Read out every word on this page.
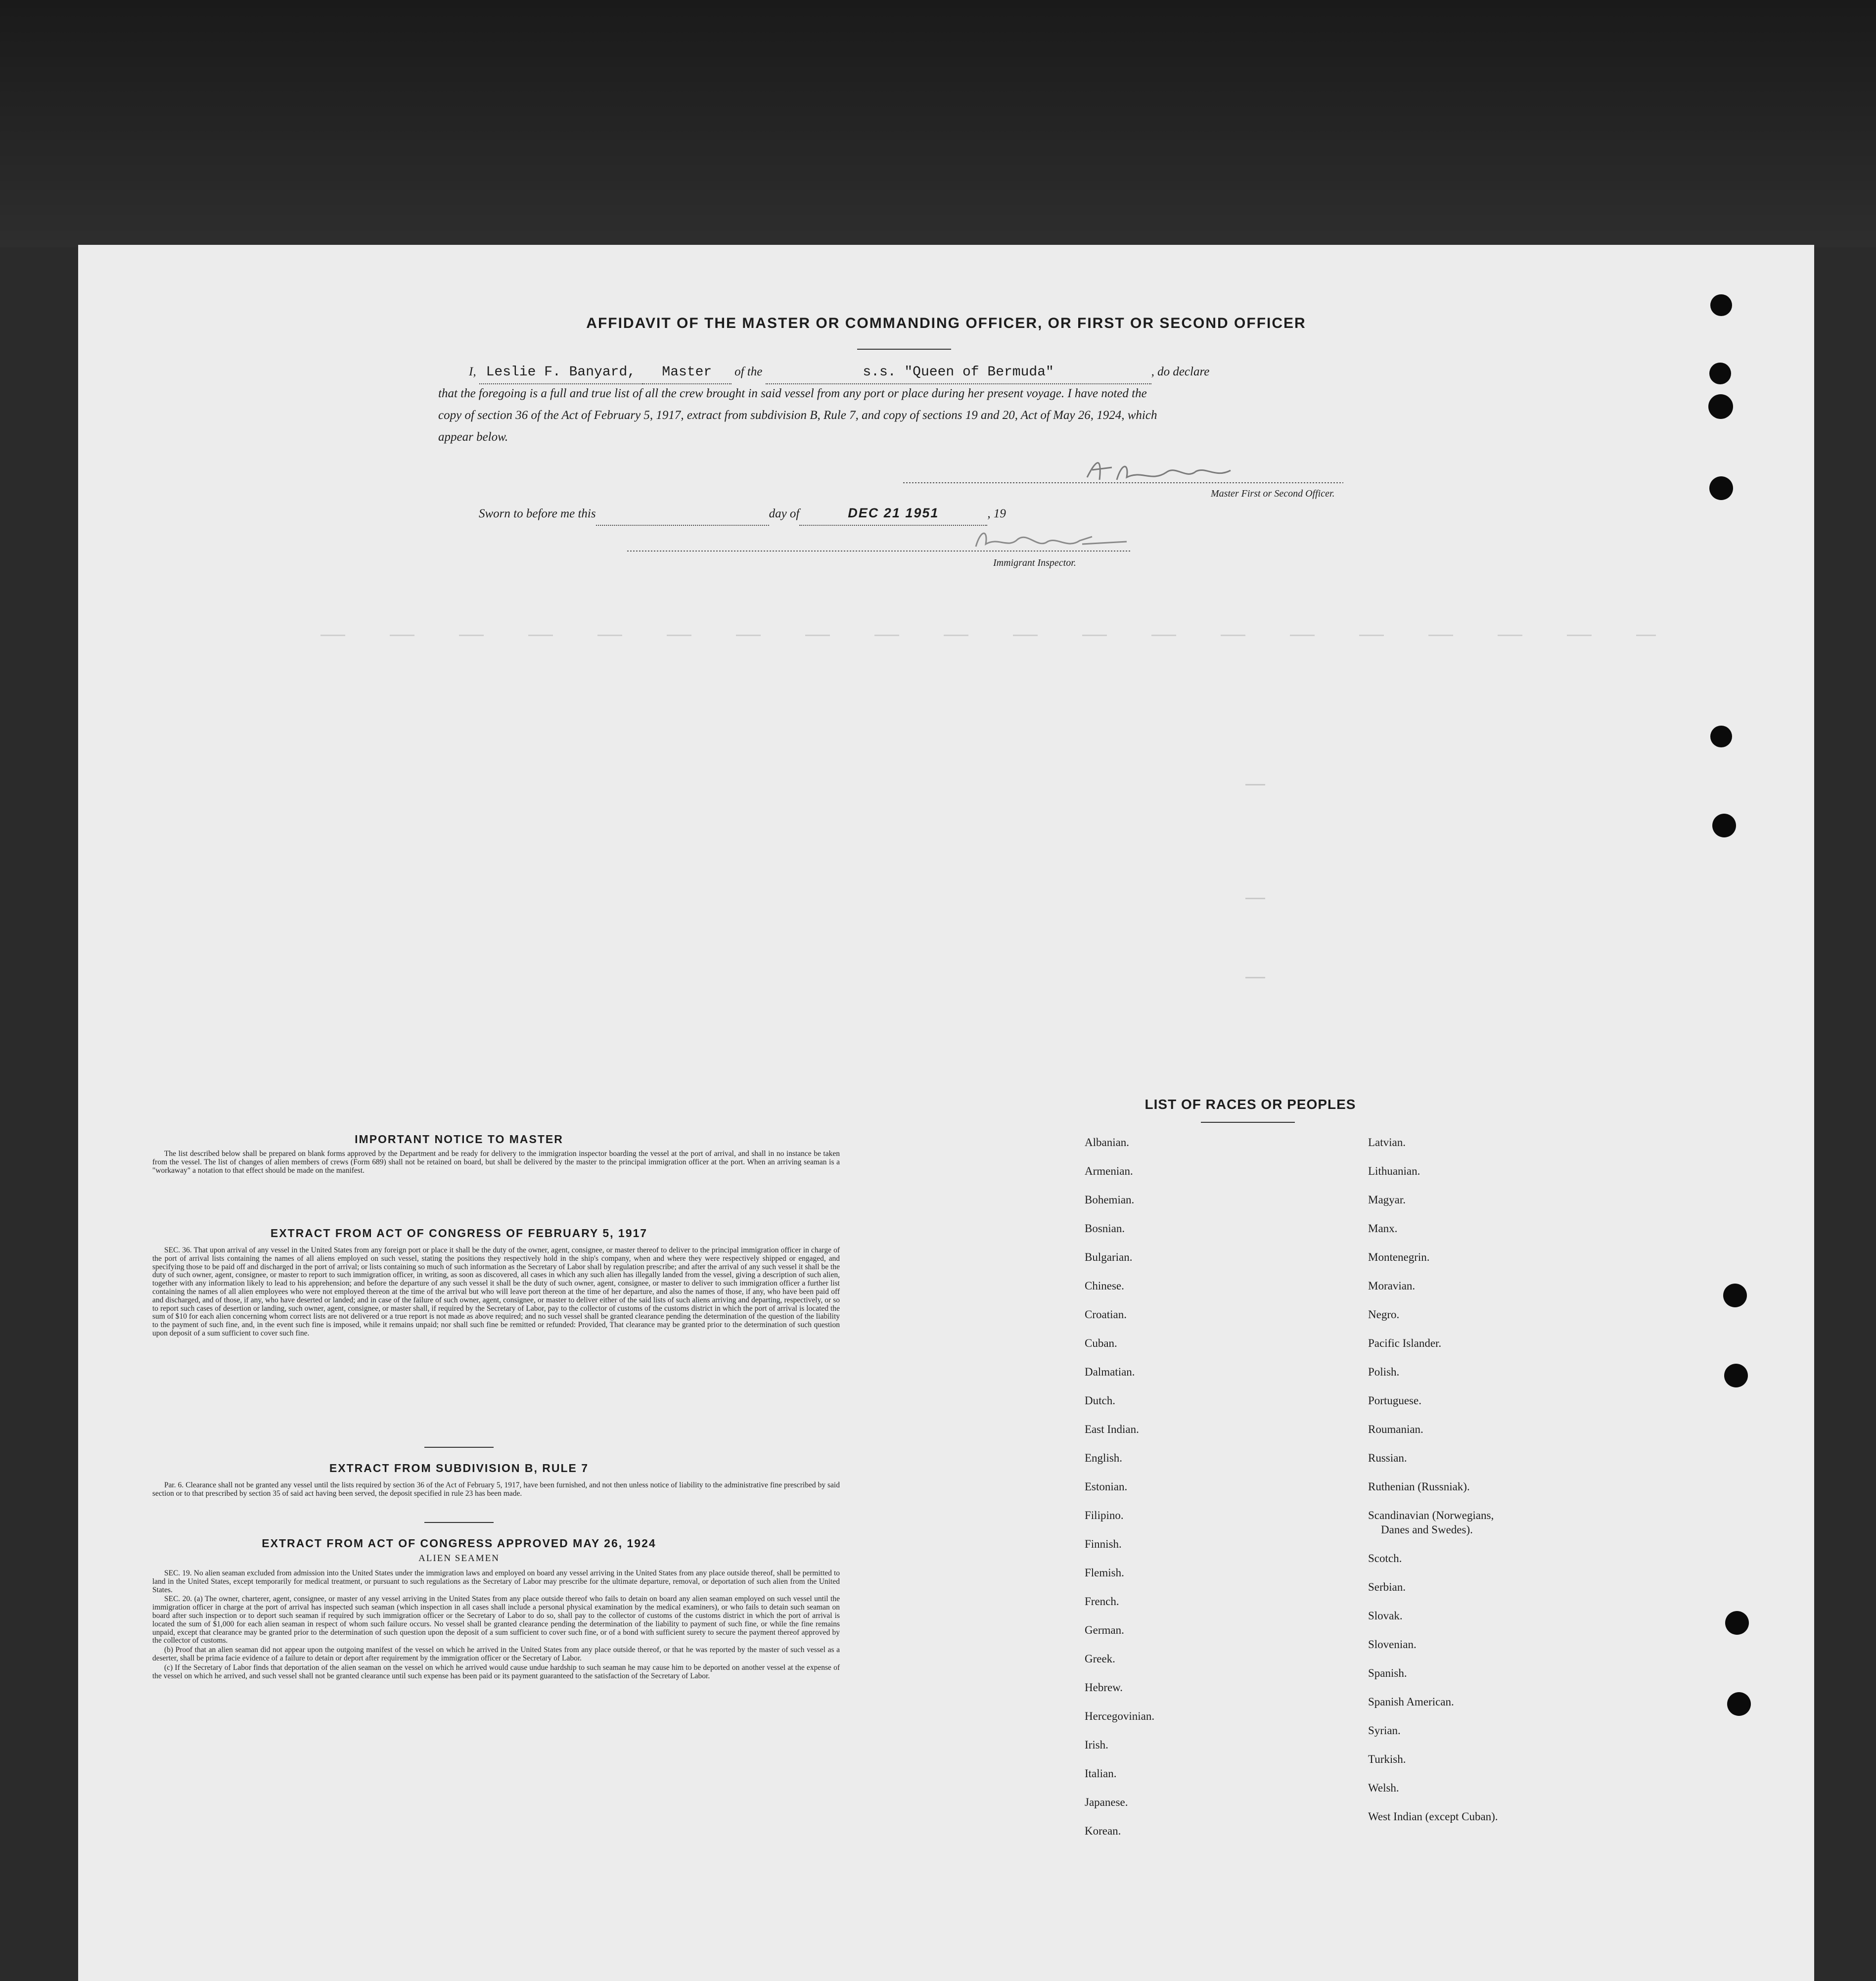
AFFIDAVIT OF THE MASTER OR COMMANDING OFFICER, OR FIRST OR SECOND OFFICER
I, Leslie F. Banyard, Master of the	s.s. "Queen of Bermuda"	, do declare
that the foregoing is a full and true list of all the crew brought in said vessel from any port or place during her present voyage. I have noted the
copy of section 36 of the Act of February 5, 1917, extract from subdivision B, Rule 7, and copy of sections 19 and 20, Act of May 26, 1924, which
appear below.
Master First or Second Officer.
Sworn to before me this	day of	DEC 21 1951	, 19
Immigrant Inspector.
IMPORTANT NOTICE TO MASTER

The list described below shall be prepared on blank forms approved by the Department and be ready for delivery to the immigration inspector boarding the vessel at the port of arrival, and shall in no instance be taken from the vessel. The list of changes of alien members of crews (Form 689) shall not be retained on board, but shall be delivered by the master to the principal immigration officer at the port. When an arriving seaman is a "workaway" a notation to that effect should be made on the manifest.

EXTRACT FROM ACT OF CONGRESS OF FEBRUARY 5, 1917

SEC. 36. That upon arrival of any vessel in the United States from any foreign port or place it shall be the duty of the owner, agent, consignee, or master thereof to deliver to the principal immigration officer in charge of the port of arrival lists containing the names of all aliens employed on such vessel, stating the positions they respectively hold in the ship's company, when and where they were respectively shipped or engaged, and specifying those to be paid off and discharged in the port of arrival; or lists containing so much of such information as the Secretary of Labor shall by regulation prescribe; and after the arrival of any such vessel it shall be the duty of such owner, agent, consignee, or master to report to such immigration officer, in writing, as soon as discovered, all cases in which any such alien has illegally landed from the vessel, giving a description of such alien, together with any information likely to lead to his apprehension; and before the departure of any such vessel it shall be the duty of such owner, agent, consignee, or master to deliver to such immigration officer a further list containing the names of all alien employees who were not employed thereon at the time of the arrival but who will leave port thereon at the time of her departure, and also the names of those, if any, who have been paid off and discharged, and of those, if any, who have deserted or landed; and in case of the failure of such owner, agent, consignee, or master to deliver either of the said lists of such aliens arriving and departing, respectively, or so to report such cases of desertion or landing, such owner, agent, consignee, or master shall, if required by the Secretary of Labor, pay to the collector of customs of the customs district in which the port of arrival is located the sum of $10 for each alien concerning whom correct lists are not delivered or a true report is not made as above required; and no such vessel shall be granted clearance pending the determination of the question of the liability to the payment of such fine, and, in the event such fine is imposed, while it remains unpaid; nor shall such fine be remitted or refunded: Provided, That clearance may be granted prior to the determination of such question upon deposit of a sum sufficient to cover such fine.

EXTRACT FROM SUBDIVISION B, RULE 7

Par. 6. Clearance shall not be granted any vessel until the lists required by section 36 of the Act of February 5, 1917, have been furnished, and not then unless notice of liability to the administrative fine prescribed by said section or to that prescribed by section 35 of said act having been served, the deposit specified in rule 23 has been made.

EXTRACT FROM ACT OF CONGRESS APPROVED MAY 26, 1924
ALIEN SEAMEN

SEC. 19. No alien seaman excluded from admission into the United States under the immigration laws and employed on board any vessel arriving in the United States from any place outside thereof, shall be permitted to land in the United States, except temporarily for medical treatment, or pursuant to such regulations as the Secretary of Labor may prescribe for the ultimate departure, removal, or deportation of such alien from the United States.

SEC. 20. (a) The owner, charterer, agent, consignee, or master of any vessel arriving in the United States from any place outside thereof who fails to detain on board any alien seaman employed on such vessel until the immigration officer in charge at the port of arrival has inspected such seaman (which inspection in all cases shall include a personal physical examination by the medical examiners), or who fails to detain such seaman on board after such inspection or to deport such seaman if required by such immigration officer or the Secretary of Labor to do so, shall pay to the collector of customs of the customs district in which the port of arrival is located the sum of $1,000 for each alien seaman in respect of whom such failure occurs. No vessel shall be granted clearance pending the determination of the liability to payment of such fine, or while the fine remains unpaid, except that clearance may be granted prior to the determination of such question upon the deposit of a sum sufficient to cover such fine, or of a bond with sufficient surety to secure the payment thereof approved by the collector of customs.

(b) Proof that an alien seaman did not appear upon the outgoing manifest of the vessel on which he arrived in the United States from any place outside thereof, or that he was reported by the master of such vessel as a deserter, shall be prima facie evidence of a failure to detain or deport after requirement by the immigration officer or the Secretary of Labor.

(c) If the Secretary of Labor finds that deportation of the alien seaman on the vessel on which he arrived would cause undue hardship to such seaman he may cause him to be deported on another vessel at the expense of the vessel on which he arrived, and such vessel shall not be granted clearance until such expense has been paid or its payment guaranteed to the satisfaction of the Secretary of Labor.

LIST OF RACES OR PEOPLES
Albanian.
Armenian.
Bohemian.
Bosnian.
Bulgarian.
Chinese.
Croatian.
Cuban.
Dalmatian.
Dutch.
East Indian.
English.
Estonian.
Filipino.
Finnish.
Flemish.
French.
German.
Greek.
Hebrew.
Hercegovinian.
Irish.
Italian.
Japanese.
Korean.
Latvian.
Lithuanian.
Magyar.
Manx.
Montenegrin.
Moravian.
Negro.
Pacific Islander.
Polish.
Portuguese.
Roumanian.
Russian.
Ruthenian (Russniak).
Scandinavian (Norwegians,
Danes and Swedes).
Scotch.
Serbian.
Slovak.
Slovenian.
Spanish.
Spanish American.
Syrian.
Turkish.
Welsh.
West Indian (except Cuban).
